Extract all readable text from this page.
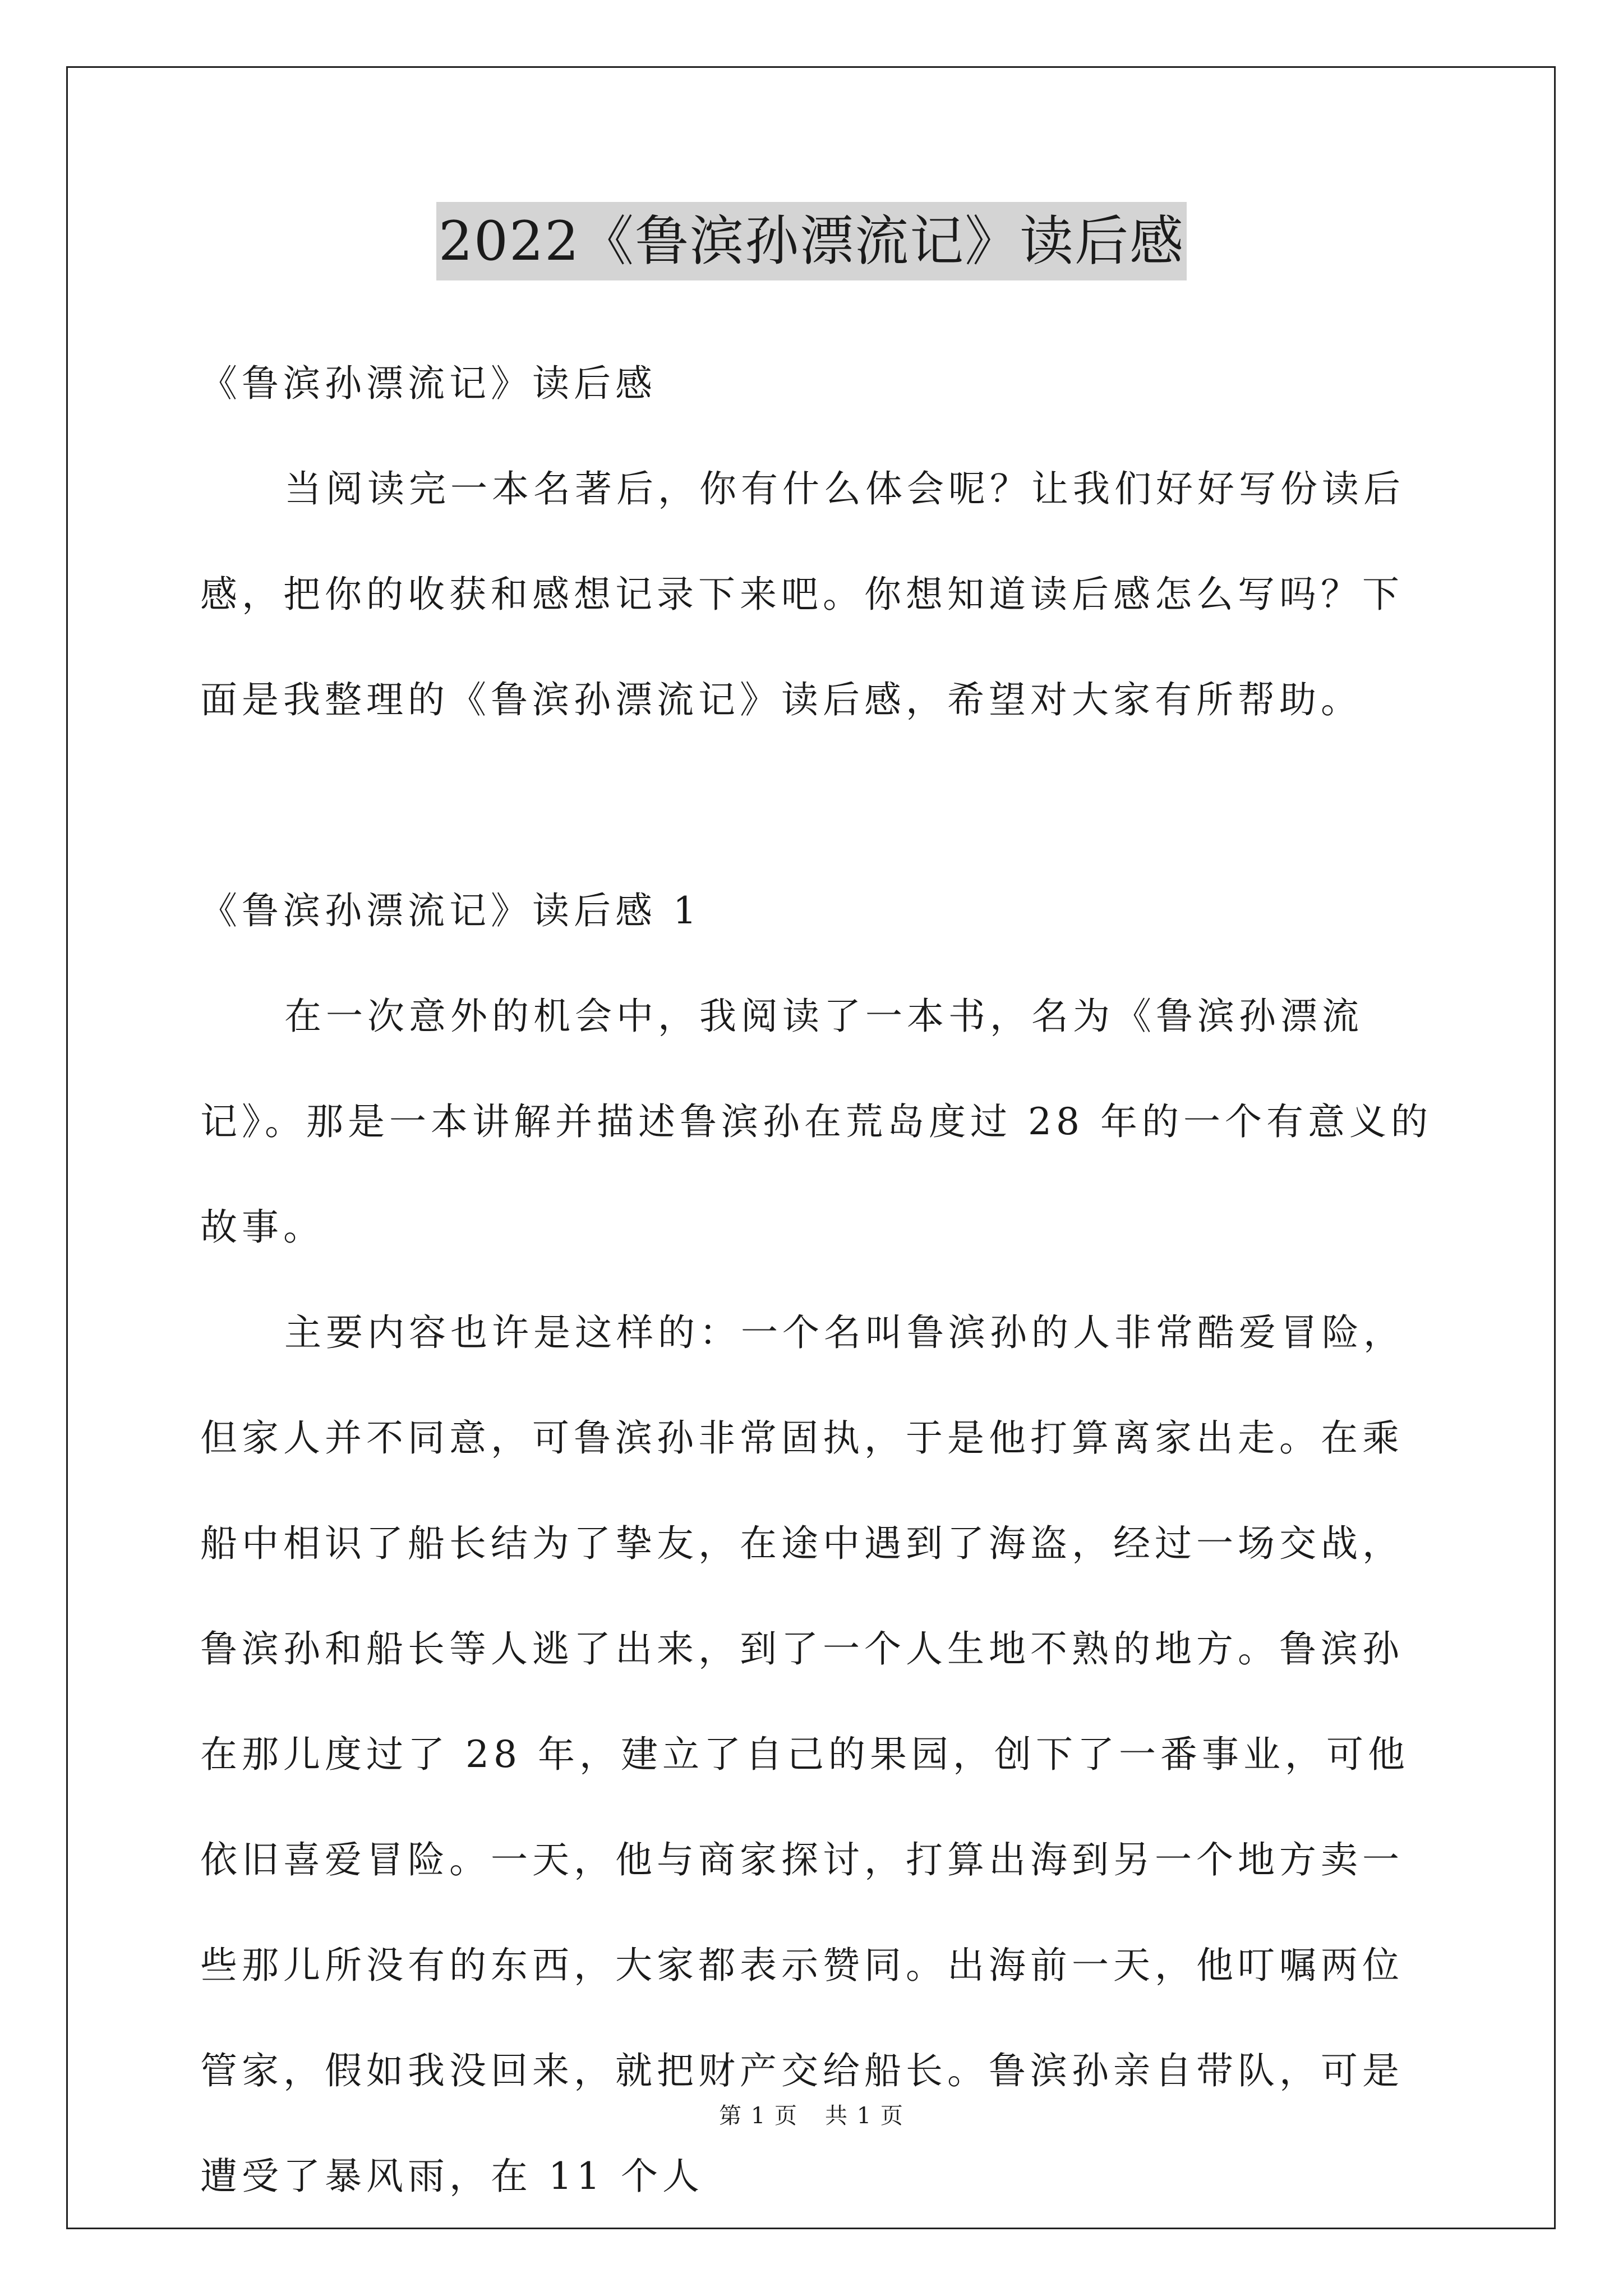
2022《鲁滨孙漂流记》读后感

《鲁滨孙漂流记》读后感

当阅读完一本名著后，你有什么体会呢？让我们好好写份读后感，把你的收获和感想记录下来吧。你想知道读后感怎么写吗？下面是我整理的《鲁滨孙漂流记》读后感，希望对大家有所帮助。

《鲁滨孙漂流记》读后感 1

在一次意外的机会中，我阅读了一本书，名为《鲁滨孙漂流记》。那是一本讲解并描述鲁滨孙在荒岛度过 28 年的一个有意义的故事。

主要内容也许是这样的：一个名叫鲁滨孙的人非常酷爱冒险，但家人并不同意，可鲁滨孙非常固执，于是他打算离家出走。在乘船中相识了船长结为了挚友，在途中遇到了海盗，经过一场交战，鲁滨孙和船长等人逃了出来，到了一个人生地不熟的地方。鲁滨孙在那儿度过了 28 年，建立了自己的果园，创下了一番事业，可他依旧喜爱冒险。一天，他与商家探讨，打算出海到另一个地方卖一些那儿所没有的东西，大家都表示赞同。出海前一天，他叮嘱两位管家，假如我没回来，就把财产交给船长。鲁滨孙亲自带队，可是遭受了暴风雨，在 11 个人

第 1 页 共 1 页
